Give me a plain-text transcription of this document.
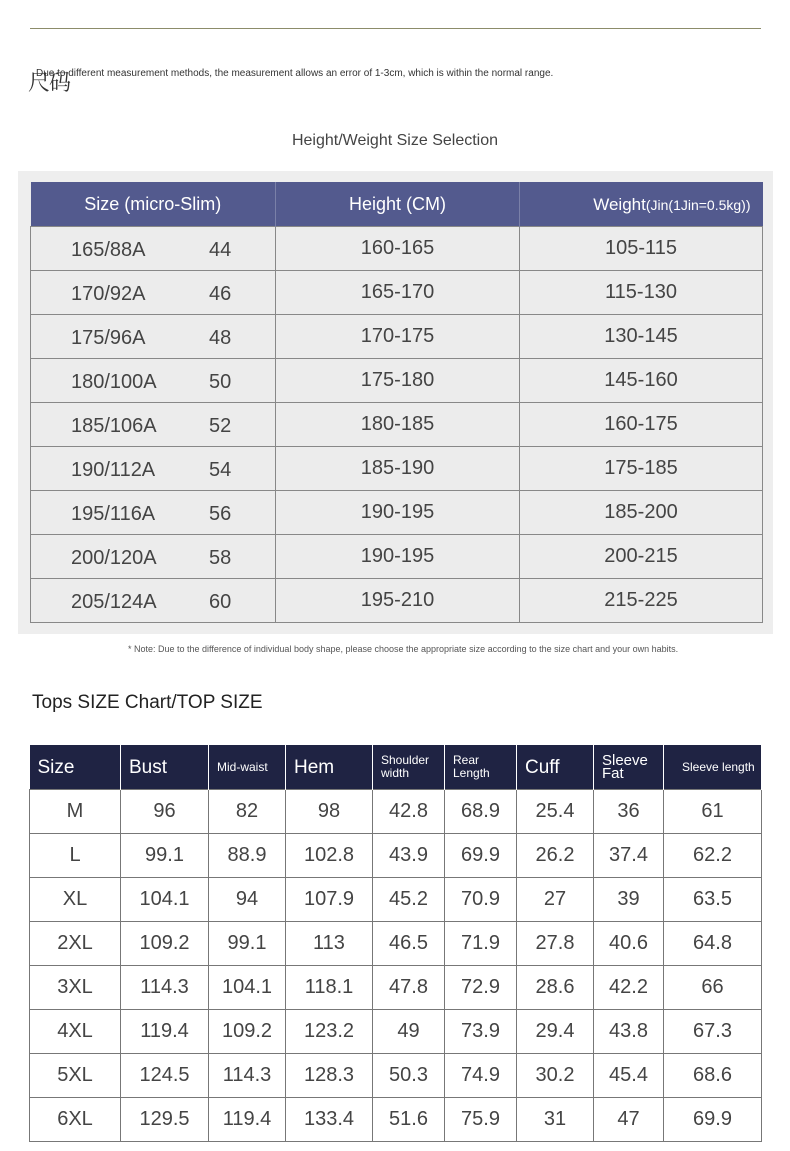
尺码
Due to different measurement methods, the measurement allows an error of 1-3cm, which is within the normal range.
Height/Weight Size Selection
Size (micro-Slim)	Height (CM)	Weight(Jin(1Jin=0.5kg))

165/88A 44	160-165	105-115

170/92A 46	165-170	115-130

175/96A 48	170-175	130-145

180/100A 50	175-180	145-160

185/106A 52	180-185	160-175

190/112A 54	185-190	175-185

195/116A 56	190-195	185-200

200/120A 58	190-195	200-215

205/124A 60	195-210	215-225
* Note: Due to the difference of individual body shape, please choose the appropriate size according to the size chart and your own habits.
Tops SIZE Chart/TOP SIZE
Size	Bust	Mid-waist	Hem	Shoulder width	Rear Length	Cuff	Sleeve Fat	Sleeve length
M	96	82	98	42.8	68.9	25.4	36	61
L	99.1	88.9	102.8	43.9	69.9	26.2	37.4	62.2
XL	104.1	94	107.9	45.2	70.9	27	39	63.5
2XL	109.2	99.1	113	46.5	71.9	27.8	40.6	64.8
3XL	114.3	104.1	118.1	47.8	72.9	28.6	42.2	66
4XL	119.4	109.2	123.2	49	73.9	29.4	43.8	67.3
5XL	124.5	114.3	128.3	50.3	74.9	30.2	45.4	68.6
6XL	129.5	119.4	133.4	51.6	75.9	31	47	69.9
